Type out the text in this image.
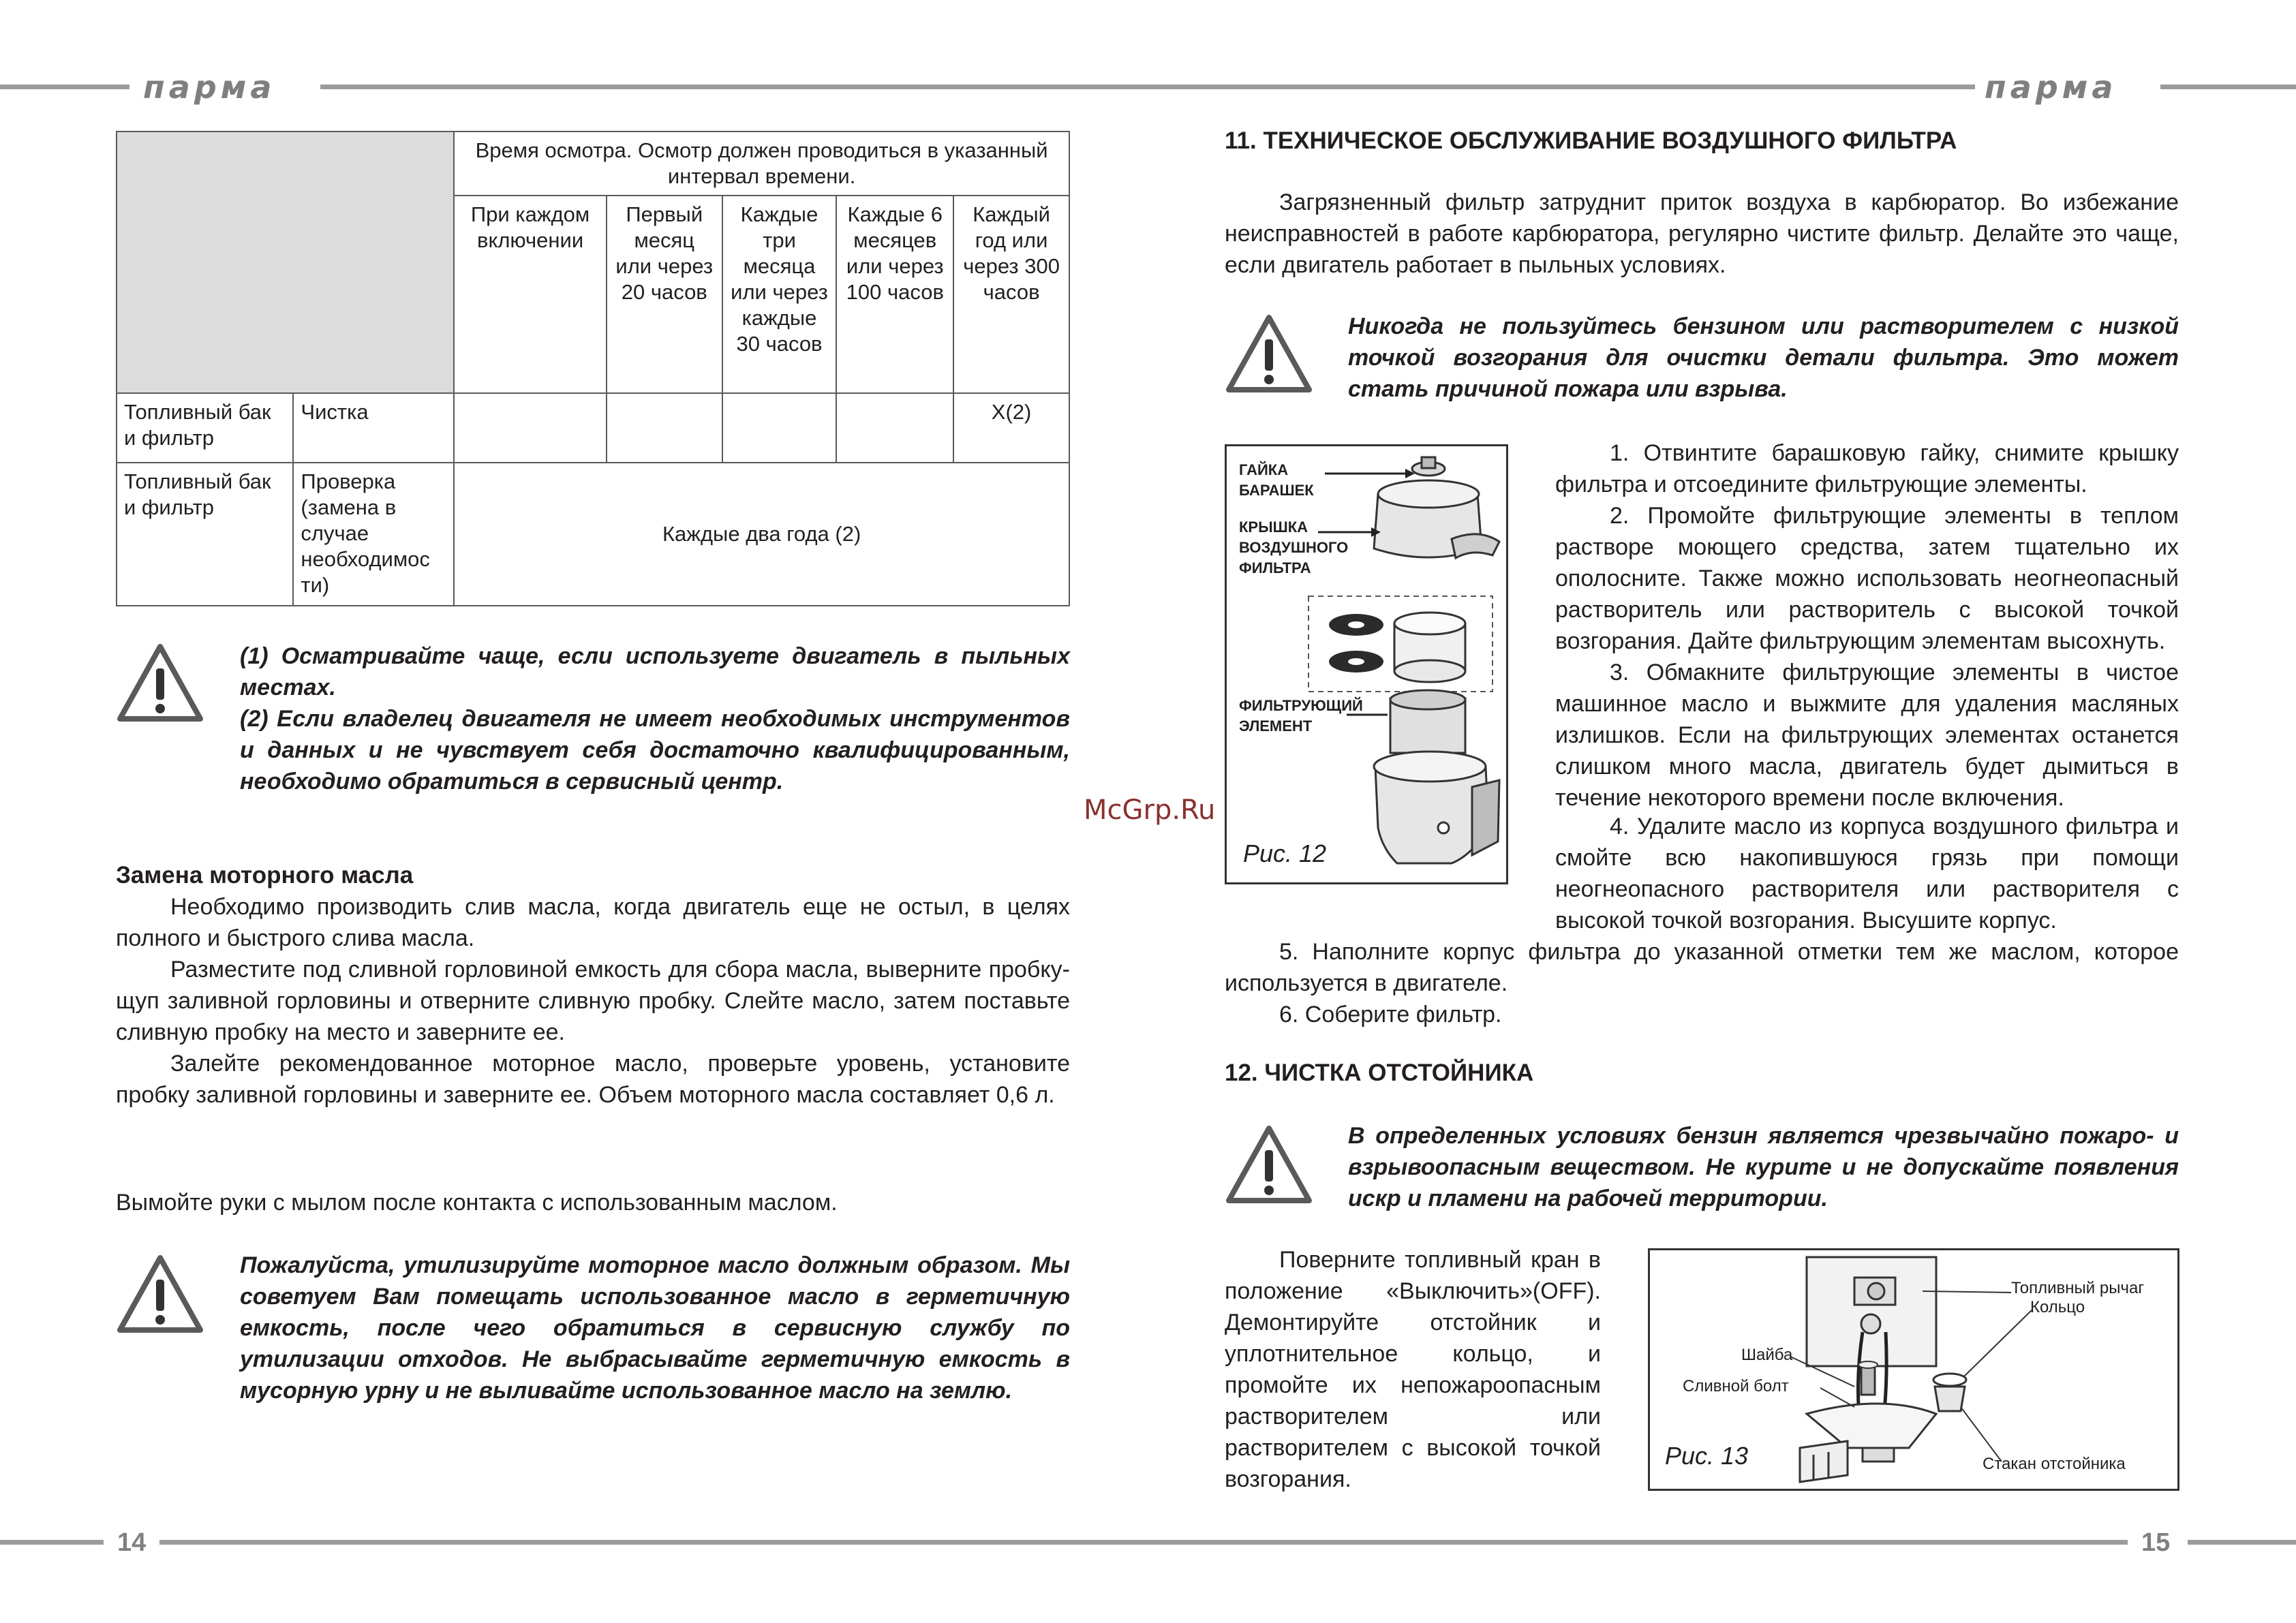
парма	парма
14	15
		Время осмотра. Осмотр должен проводиться в указанный интервал времени.				
		При каждом включении	Первый месяц или через 20 часов	Каждые три месяца или через каждые 30 часов	Каждые 6 месяцев или через 100 часов	Каждый год или через 300 часов
Топливный бак и фильтр	Чистка					X(2)
Топливный бак и фильтр	Проверка (замена в случае необходимос ти)	Каждые два года (2)				

(1) Осматривайте чаще, если используете двигатель в пыльных местах.

(2) Если владелец двигателя не имеет необходимых инструментов и данных и не чувствует себя достаточно квалифицированным, необходимо обратиться в сервисный центр.

Замена моторного масла

Необходимо производить слив масла, когда двигатель еще не остыл, в целях полного и быстрого слива масла.

Разместите под сливной горловиной емкость для сбора масла, выверните пробку-щуп заливной горловины и отверните сливную пробку. Слейте масло, затем поставьте сливную пробку на место и заверните ее.

Залейте рекомендованное моторное масло, проверьте уровень, установите пробку заливной горловины и заверните ее. Объем моторного масла составляет 0,6 л.

Вымойте руки с мылом после контакта с использованным маслом.
Пожалуйста, утилизируйте моторное масло должным образом. Мы советуем Вам помещать использованное масло в герметичную емкость, после чего обратиться в сервисную службу по утилизации отходов. Не выбрасывайте герметичную емкость в мусорную урну и не выливайте использованное масло на землю.
11. ТЕХНИЧЕСКОЕ ОБСЛУЖИВАНИЕ ВОЗДУШНОГО ФИЛЬТРА
Загрязненный фильтр затруднит приток воздуха в карбюратор. Во избежание неисправностей в работе карбюратора, регулярно чистите фильтр. Делайте это чаще, если двигатель работает в пыльных условиях.
Никогда не пользуйтесь бензином или растворителем с низкой точкой возгорания для очистки детали фильтра. Это может стать причиной пожара или взрыва.
ГАЙКА БАРАШЕК
КРЫШКА ВОЗДУШНОГО ФИЛЬТРА
ФИЛЬТРУЮЩИЙ ЭЛЕМЕНТ
Рис. 12

1. Отвинтите барашковую гайку, снимите крышку фильтра и отсоедините фильтрующие элементы.

2. Промойте фильтрующие элементы в теплом растворе моющего средства, затем тщательно их ополосните. Также можно использовать неогнеопасный растворитель или растворитель с высокой точкой возгорания. Дайте фильтрующим элементам высохнуть.

3. Обмакните фильтрующие элементы в чистое машинное масло и выжмите для удаления масляных излишков. Если на фильтрующих элементах останется слишком много масла, двигатель будет дымиться в течение некоторого времени после включения.

4. Удалите масло из корпуса воздушного фильтра и смойте всю накопившуюся грязь при помощи неогнеопасного растворителя или растворителя с высокой точкой возгорания. Высушите корпус.

5. Наполните корпус фильтра до указанной отметки тем же маслом, которое используется в двигателе.

6. Соберите фильтр.

12. ЧИСТКА ОТСТОЙНИКА
В определенных условиях бензин является чрезвычайно пожаро- и взрывоопасным веществом. Не курите и не допускайте появления искр и пламени на рабочей территории.
Поверните топливный кран в положение «Выключить»(OFF). Демонтируйте отстойник и уплотнительное кольцо, и промойте их непожароопасным растворителем или растворителем с высокой точкой возгорания.
Топливный рычаг
Кольцо
Шайба
Сливной болт
Стакан отстойника
Рис. 13
McGrp.Ru
